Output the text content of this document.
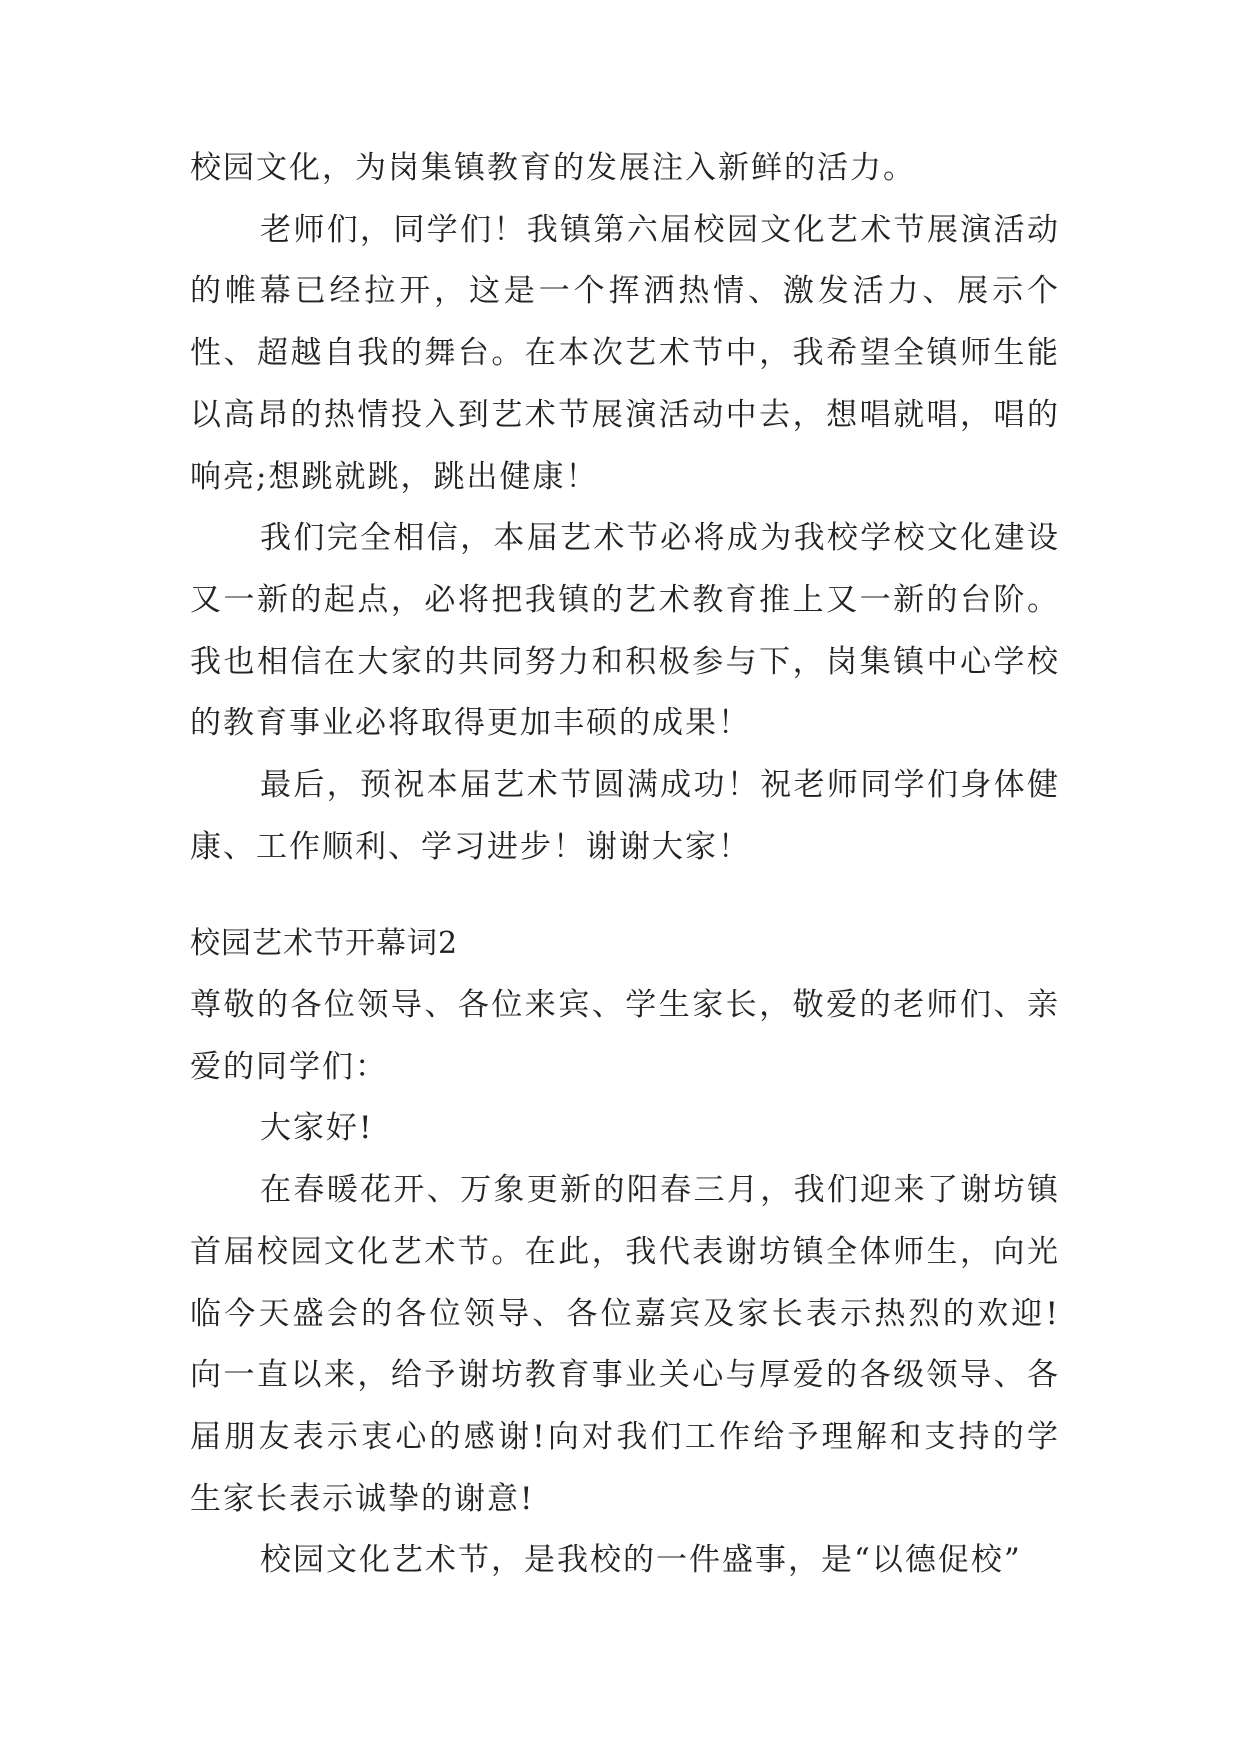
校园文化，为岗集镇教育的发展注入新鲜的活力。

老师们，同学们！我镇第六届校园文化艺术节展演活动的帷幕已经拉开，这是一个挥洒热情、激发活力、展示个性、超越自我的舞台。在本次艺术节中，我希望全镇师生能以高昂的热情投入到艺术节展演活动中去，想唱就唱，唱的响亮;想跳就跳，跳出健康！

我们完全相信，本届艺术节必将成为我校学校文化建设又一新的起点，必将把我镇的艺术教育推上又一新的台阶。我也相信在大家的共同努力和积极参与下，岗集镇中心学校的教育事业必将取得更加丰硕的成果！

最后，预祝本届艺术节圆满成功！祝老师同学们身体健康、工作顺利、学习进步！谢谢大家！

校园艺术节开幕词2

尊敬的各位领导、各位来宾、学生家长，敬爱的老师们、亲爱的同学们：

大家好!

在春暖花开、万象更新的阳春三月，我们迎来了谢坊镇首届校园文化艺术节。在此，我代表谢坊镇全体师生，向光临今天盛会的各位领导、各位嘉宾及家长表示热烈的欢迎!向一直以来，给予谢坊教育事业关心与厚爱的各级领导、各届朋友表示衷心的感谢!向对我们工作给予理解和支持的学生家长表示诚挚的谢意!

校园文化艺术节，是我校的一件盛事，是“以德促校”
